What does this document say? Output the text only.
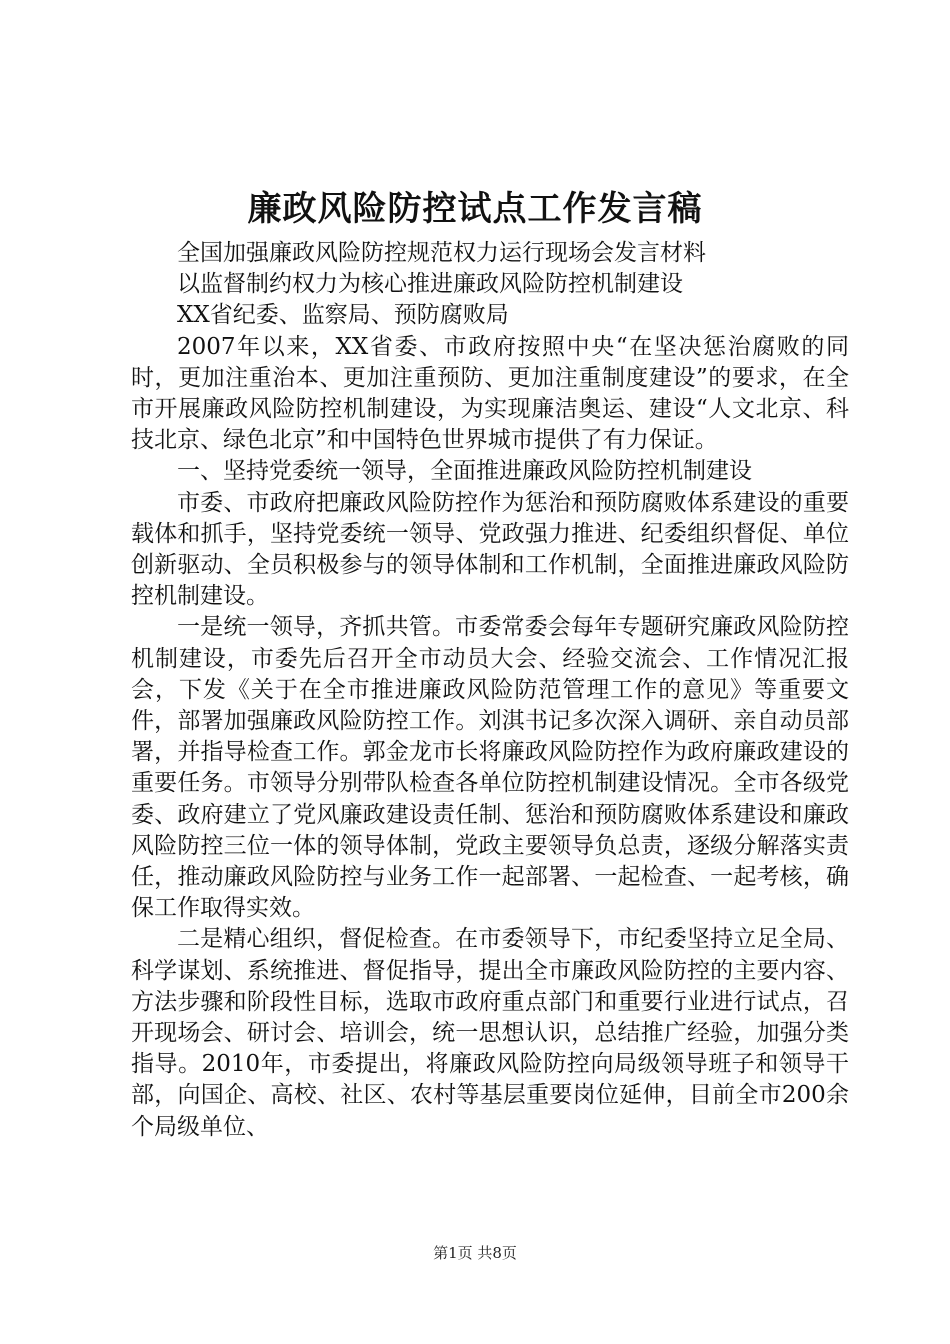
廉政风险防控试点工作发言稿

全国加强廉政风险防控规范权力运行现场会发言材料

以监督制约权力为核心推进廉政风险防控机制建设

XX省纪委、监察局、预防腐败局

2007年以来，XX省委、市政府按照中央“在坚决惩治腐败的同时，更加注重治本、更加注重预防、更加注重制度建设”的要求，在全市开展廉政风险防控机制建设，为实现廉洁奥运、建设“人文北京、科技北京、绿色北京”和中国特色世界城市提供了有力保证。

一、坚持党委统一领导，全面推进廉政风险防控机制建设

市委、市政府把廉政风险防控作为惩治和预防腐败体系建设的重要载体和抓手，坚持党委统一领导、党政强力推进、纪委组织督促、单位创新驱动、全员积极参与的领导体制和工作机制，全面推进廉政风险防控机制建设。

一是统一领导，齐抓共管。市委常委会每年专题研究廉政风险防控机制建设，市委先后召开全市动员大会、经验交流会、工作情况汇报会，下发《关于在全市推进廉政风险防范管理工作的意见》等重要文件，部署加强廉政风险防控工作。刘淇书记多次深入调研、亲自动员部署，并指导检查工作。郭金龙市长将廉政风险防控作为政府廉政建设的重要任务。市领导分别带队检查各单位防控机制建设情况。全市各级党委、政府建立了党风廉政建设责任制、惩治和预防腐败体系建设和廉政风险防控三位一体的领导体制，党政主要领导负总责，逐级分解落实责任，推动廉政风险防控与业务工作一起部署、一起检查、一起考核，确保工作取得实效。

二是精心组织，督促检查。在市委领导下，市纪委坚持立足全局、科学谋划、系统推进、督促指导，提出全市廉政风险防控的主要内容、方法步骤和阶段性目标，选取市政府重点部门和重要行业进行试点，召开现场会、研讨会、培训会，统一思想认识，总结推广经验，加强分类指导。2010年，市委提出，将廉政风险防控向局级领导班子和领导干部，向国企、高校、社区、农村等基层重要岗位延伸，目前全市200余个局级单位、

第1页 共8页
